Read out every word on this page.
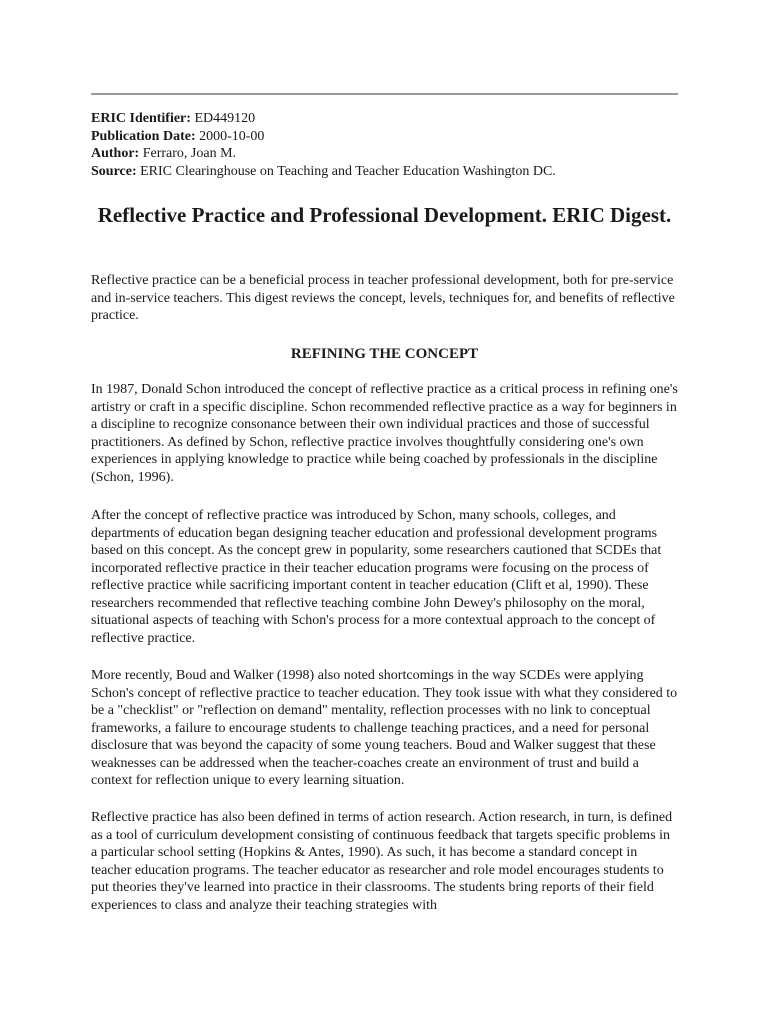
ERIC Identifier: ED449120
Publication Date: 2000-10-00
Author: Ferraro, Joan M.
Source: ERIC Clearinghouse on Teaching and Teacher Education Washington DC.
Reflective Practice and Professional Development. ERIC Digest.

Reflective practice can be a beneficial process in teacher professional development, both for pre-service and in-service teachers. This digest reviews the concept, levels, techniques for, and benefits of reflective practice.

REFINING THE CONCEPT

In 1987, Donald Schon introduced the concept of reflective practice as a critical process in refining one's artistry or craft in a specific discipline. Schon recommended reflective practice as a way for beginners in a discipline to recognize consonance between their own individual practices and those of successful practitioners. As defined by Schon, reflective practice involves thoughtfully considering one's own experiences in applying knowledge to practice while being coached by professionals in the discipline (Schon, 1996).

After the concept of reflective practice was introduced by Schon, many schools, colleges, and departments of education began designing teacher education and professional development programs based on this concept. As the concept grew in popularity, some researchers cautioned that SCDEs that incorporated reflective practice in their teacher education programs were focusing on the process of reflective practice while sacrificing important content in teacher education (Clift et al, 1990). These researchers recommended that reflective teaching combine John Dewey's philosophy on the moral, situational aspects of teaching with Schon's process for a more contextual approach to the concept of reflective practice.

More recently, Boud and Walker (1998) also noted shortcomings in the way SCDEs were applying Schon's concept of reflective practice to teacher education. They took issue with what they considered to be a "checklist" or "reflection on demand" mentality, reflection processes with no link to conceptual frameworks, a failure to encourage students to challenge teaching practices, and a need for personal disclosure that was beyond the capacity of some young teachers. Boud and Walker suggest that these weaknesses can be addressed when the teacher-coaches create an environment of trust and build a context for reflection unique to every learning situation.

Reflective practice has also been defined in terms of action research. Action research, in turn, is defined as a tool of curriculum development consisting of continuous feedback that targets specific problems in a particular school setting (Hopkins & Antes, 1990). As such, it has become a standard concept in teacher education programs. The teacher educator as researcher and role model encourages students to put theories they've learned into practice in their classrooms. The students bring reports of their field experiences to class and analyze their teaching strategies with
